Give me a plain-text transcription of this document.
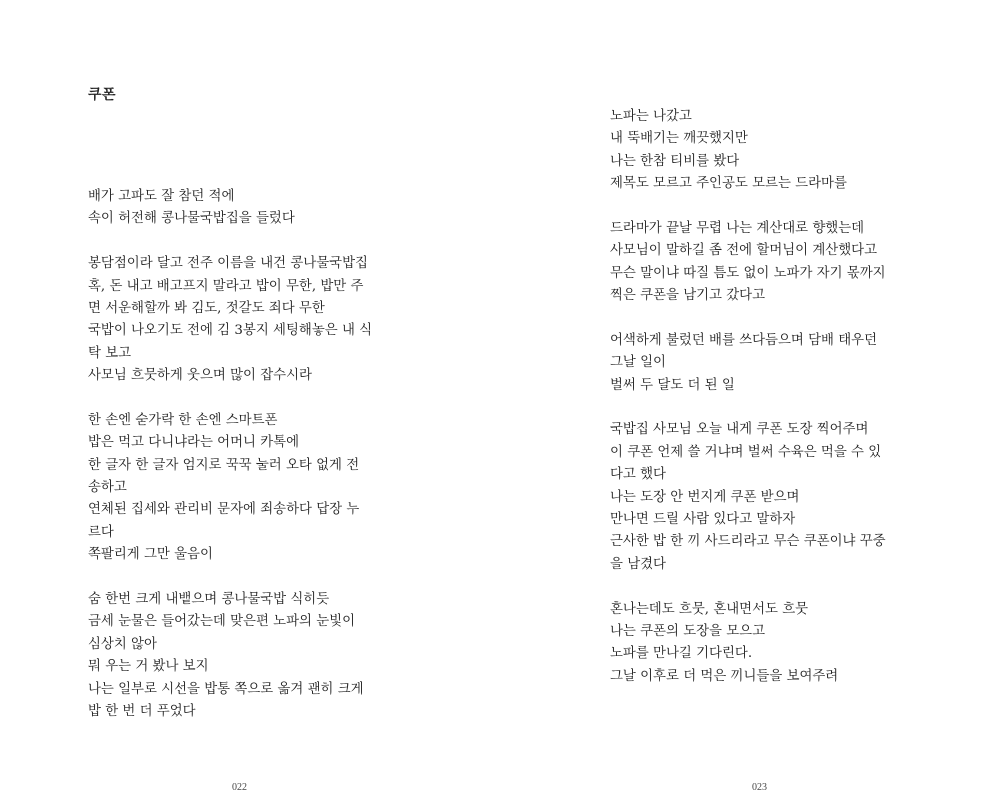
쿠폰
배가 고파도 잘 참던 적에
속이 허전해 콩나물국밥집을 들렀다
봉담점이라 달고 전주 이름을 내건 콩나물국밥집
혹, 돈 내고 배고프지 말라고 밥이 무한, 밥만 주
면 서운해할까 봐 김도, 젓갈도 죄다 무한
국밥이 나오기도 전에 김 3봉지 세팅해놓은 내 식
탁 보고
사모님 흐뭇하게 웃으며 많이 잡수시라
한 손엔 숟가락 한 손엔 스마트폰
밥은 먹고 다니냐라는 어머니 카톡에
한 글자 한 글자 엄지로 꾹꾹 눌러 오타 없게 전
송하고
연체된 집세와 관리비 문자에 죄송하다 답장 누
르다
쪽팔리게 그만 울음이
숨 한번 크게 내뱉으며 콩나물국밥 식히듯
금세 눈물은 들어갔는데 맞은편 노파의 눈빛이
심상치 않아
뭐 우는 거 봤나 보지
나는 일부로 시선을 밥통 쪽으로 옮겨 괜히 크게
밥 한 번 더 푸었다
022
노파는 나갔고
내 뚝배기는 깨끗했지만
나는 한참 티비를 봤다
제목도 모르고 주인공도 모르는 드라마를
드라마가 끝날 무렵 나는 계산대로 향했는데
사모님이 말하길 좀 전에 할머님이 계산했다고
무슨 말이냐 따질 틈도 없이 노파가 자기 몫까지
찍은 쿠폰을 남기고 갔다고
어색하게 불렀던 배를 쓰다듬으며 담배 태우던
그날 일이
벌써 두 달도 더 된 일
국밥집 사모님 오늘 내게 쿠폰 도장 찍어주며
이 쿠폰 언제 쓸 거냐며 벌써 수육은 먹을 수 있
다고 했다
나는 도장 안 번지게 쿠폰 받으며
만나면 드릴 사람 있다고 말하자
근사한 밥 한 끼 사드리라고 무슨 쿠폰이냐 꾸중
을 남겼다
혼나는데도 흐뭇, 혼내면서도 흐뭇
나는 쿠폰의 도장을 모으고
노파를 만나길 기다린다.
그날 이후로 더 먹은 끼니들을 보여주려
023
